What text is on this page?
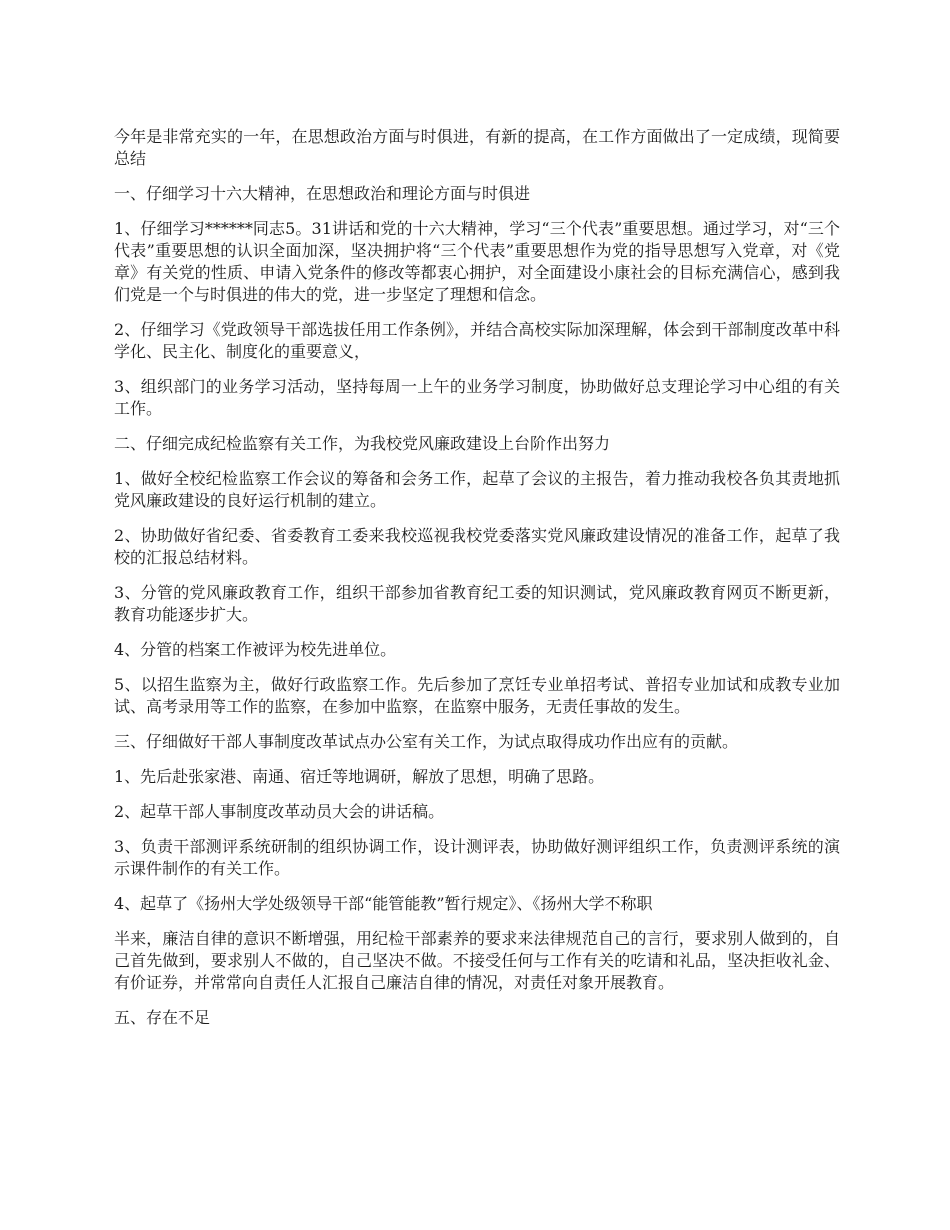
今年是非常充实的一年，在思想政治方面与时俱进，有新的提高，在工作方面做出了一定成绩，现简要总结

一、仔细学习十六大精神，在思想政治和理论方面与时俱进

1、仔细学习******同志5。31讲话和党的十六大精神，学习“三个代表”重要思想。通过学习，对“三个代表”重要思想的认识全面加深，坚决拥护将“三个代表”重要思想作为党的指导思想写入党章，对《党章》有关党的性质、申请入党条件的修改等都衷心拥护，对全面建设小康社会的目标充满信心，感到我们党是一个与时俱进的伟大的党，进一步坚定了理想和信念。

2、仔细学习《党政领导干部选拔任用工作条例》，并结合高校实际加深理解，体会到干部制度改革中科学化、民主化、制度化的重要意义，

3、组织部门的业务学习活动，坚持每周一上午的业务学习制度，协助做好总支理论学习中心组的有关工作。

二、仔细完成纪检监察有关工作，为我校党风廉政建设上台阶作出努力

1、做好全校纪检监察工作会议的筹备和会务工作，起草了会议的主报告，着力推动我校各负其责地抓党风廉政建设的良好运行机制的建立。

2、协助做好省纪委、省委教育工委来我校巡视我校党委落实党风廉政建设情况的准备工作，起草了我校的汇报总结材料。

3、分管的党风廉政教育工作，组织干部参加省教育纪工委的知识测试，党风廉政教育网页不断更新，教育功能逐步扩大。

4、分管的档案工作被评为校先进单位。

5、以招生监察为主，做好行政监察工作。先后参加了烹饪专业单招考试、普招专业加试和成教专业加试、高考录用等工作的监察，在参加中监察，在监察中服务，无责任事故的发生。

三、仔细做好干部人事制度改革试点办公室有关工作，为试点取得成功作出应有的贡献。

1、先后赴张家港、南通、宿迁等地调研，解放了思想，明确了思路。

2、起草干部人事制度改革动员大会的讲话稿。

3、负责干部测评系统研制的组织协调工作，设计测评表，协助做好测评组织工作，负责测评系统的演示课件制作的有关工作。

4、起草了《扬州大学处级领导干部“能管能教”暂行规定》、《扬州大学不称职

半来，廉洁自律的意识不断增强，用纪检干部素养的要求来法律规范自己的言行，要求别人做到的，自己首先做到，要求别人不做的，自己坚决不做。不接受任何与工作有关的吃请和礼品，坚决拒收礼金、有价证券，并常常向自责任人汇报自己廉洁自律的情况，对责任对象开展教育。

五、存在不足
